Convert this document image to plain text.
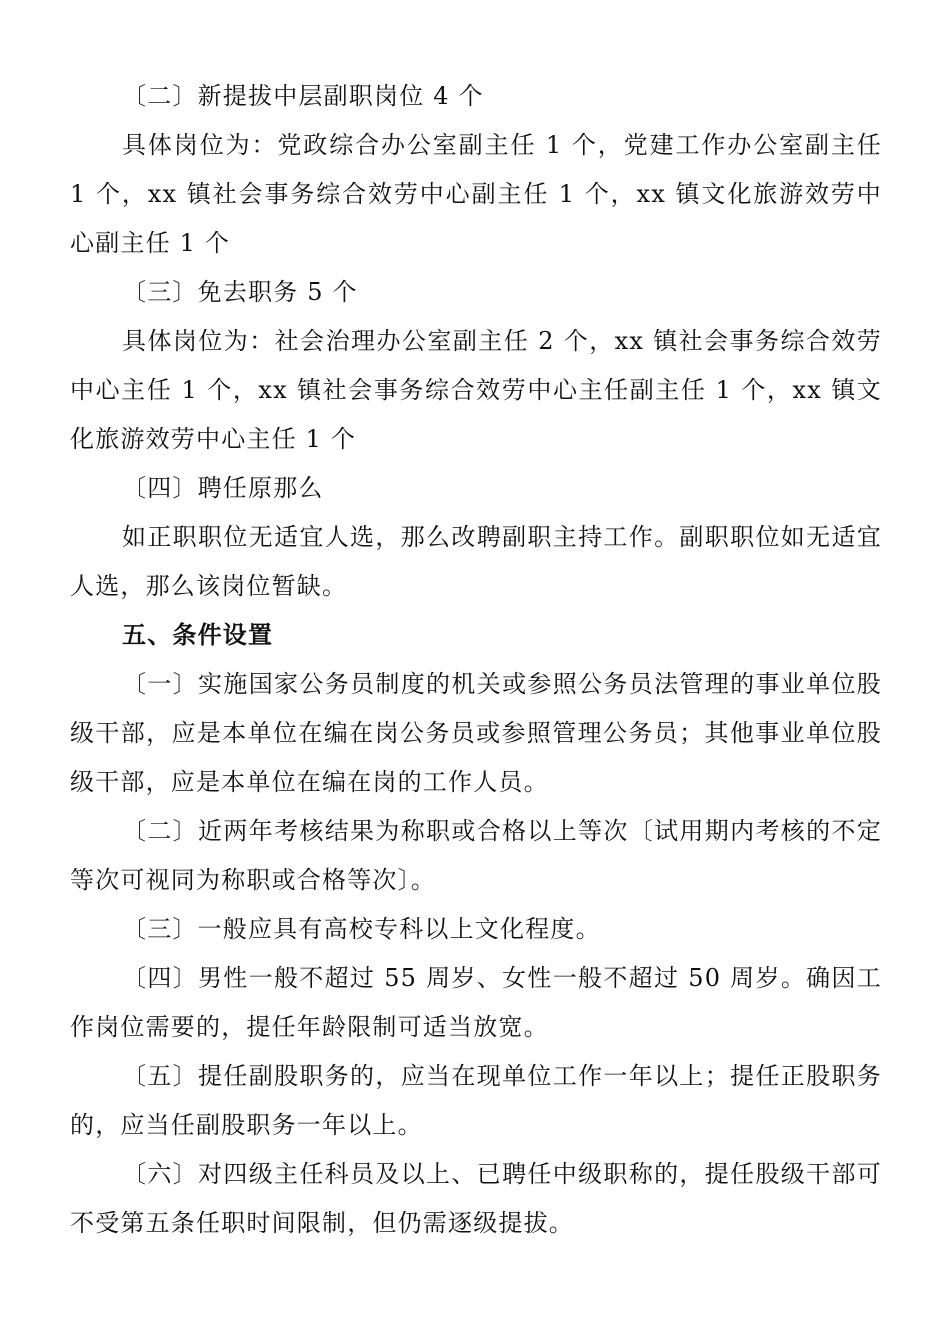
〔二〕新提拔中层副职岗位 4 个

具体岗位为：党政综合办公室副主任 1 个，党建工作办公室副主任 1 个，xx 镇社会事务综合效劳中心副主任 1 个，xx 镇文化旅游效劳中心副主任 1 个

〔三〕免去职务 5 个

具体岗位为：社会治理办公室副主任 2 个，xx 镇社会事务综合效劳中心主任 1 个，xx 镇社会事务综合效劳中心主任副主任 1 个，xx 镇文化旅游效劳中心主任 1 个

〔四〕聘任原那么

如正职职位无适宜人选，那么改聘副职主持工作。副职职位如无适宜人选，那么该岗位暂缺。

五、条件设置

〔一〕实施国家公务员制度的机关或参照公务员法管理的事业单位股级干部，应是本单位在编在岗公务员或参照管理公务员；其他事业单位股级干部，应是本单位在编在岗的工作人员。

〔二〕近两年考核结果为称职或合格以上等次〔试用期内考核的不定等次可视同为称职或合格等次〕。

〔三〕一般应具有高校专科以上文化程度。

〔四〕男性一般不超过 55 周岁、女性一般不超过 50 周岁。确因工作岗位需要的，提任年龄限制可适当放宽。

〔五〕提任副股职务的，应当在现单位工作一年以上；提任正股职务的，应当任副股职务一年以上。

〔六〕对四级主任科员及以上、已聘任中级职称的，提任股级干部可不受第五条任职时间限制，但仍需逐级提拔。
